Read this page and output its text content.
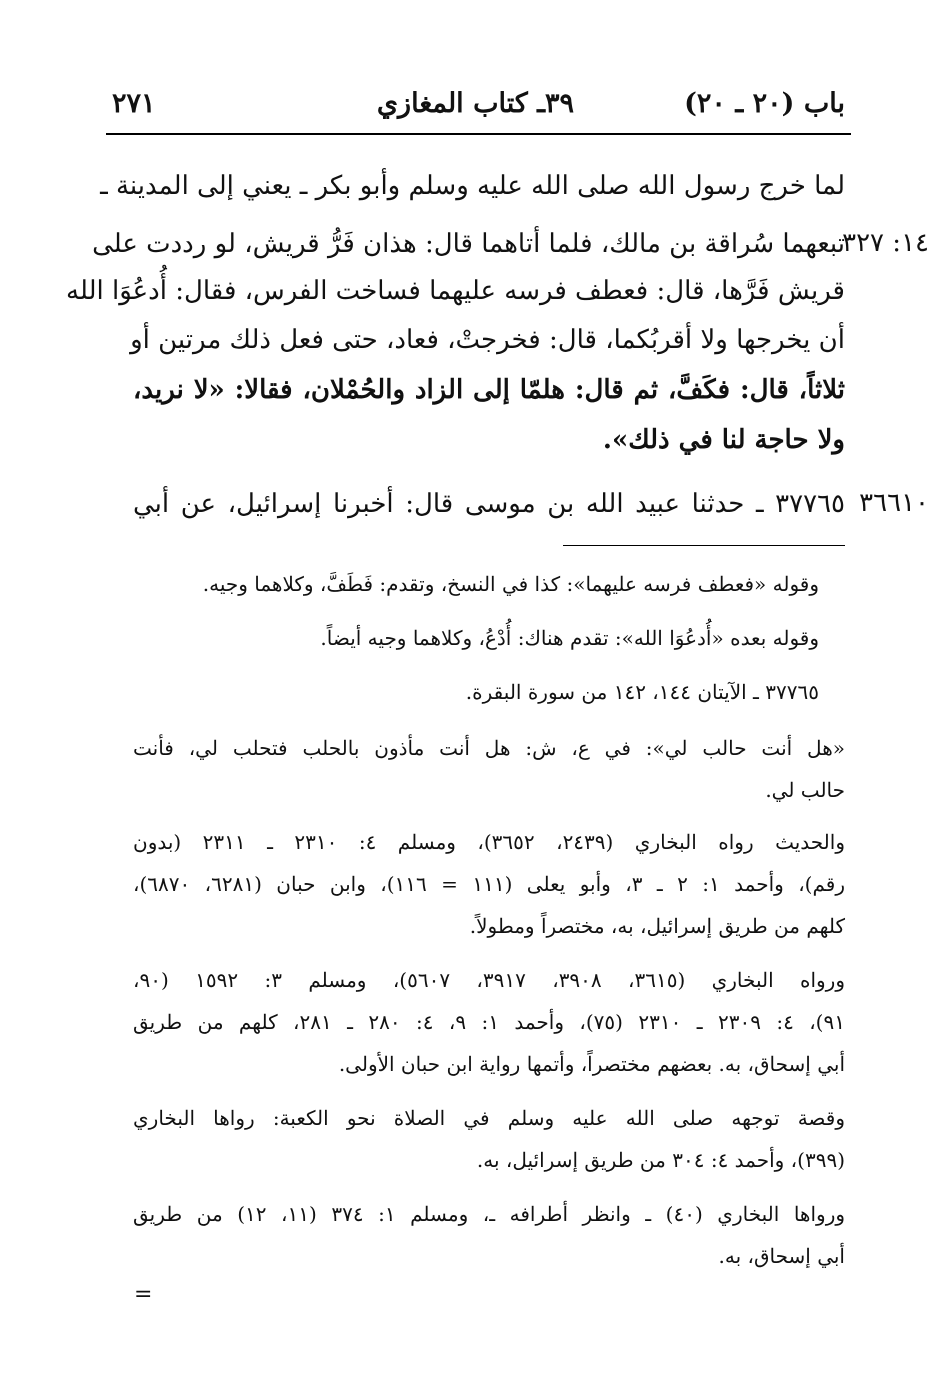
باب (٢٠ ـ ٢٠)
٣٩ـ كتاب المغازي
٢٧١
لما خرج رسول الله صلى الله عليه وسلم وأبو بكر ـ يعني إلى المدينة ـ
١٤: ٣٢٧
تبعهما سُراقة بن مالك، فلما أتاهما قال: هذان فَرُّ قريش، لو رددت على
قريش فَرَّها، قال: فعطف فرسه عليهما فساخت الفرس، فقال: أُدعُوَا الله
أن يخرجها ولا أقربُكما، قال: فخرجتْ، فعاد، حتى فعل ذلك مرتين أو
ثلاثاً، قال: فكَفَّ، ثم قال: هلمّا إلى الزاد والحُمْلان، فقالا: «لا نريد،
ولا حاجة لنا في ذلك».
٣٦٦١٠
٣٧٧٦٥ ـ حدثنا عبيد الله بن موسى قال: أخبرنا إسرائيل، عن أبي
وقوله «فعطف فرسه عليهما»: كذا في النسخ، وتقدم: فَطَفَّ، وكلاهما وجيه.
وقوله بعده «أُدعُوَا الله»: تقدم هناك: أُدْعُ، وكلاهما وجيه أيضاً.
٣٧٧٦٥ ـ الآيتان ١٤٤، ١٤٢ من سورة البقرة.
«هل أنت حالب لي»: في ع، ش: هل أنت مأذون بالحلب فتحلب لي، فأنت
حالب لي.
والحديث رواه البخاري (٢٤٣٩، ٣٦٥٢)، ومسلم ٤: ٢٣١٠ ـ ٢٣١١ (بدون
رقم)، وأحمد ١: ٢ ـ ٣، وأبو يعلى (١١١ = ١١٦)، وابن حبان (٦٢٨١، ٦٨٧٠)،
كلهم من طريق إسرائيل، به، مختصراً ومطولاً.
ورواه البخاري (٣٦١٥، ٣٩٠٨، ٣٩١٧، ٥٦٠٧)، ومسلم ٣: ١٥٩٢ (٩٠،
٩١)، ٤: ٢٣٠٩ ـ ٢٣١٠ (٧٥)، وأحمد ١: ٩، ٤: ٢٨٠ ـ ٢٨١، كلهم من طريق
أبي إسحاق، به. بعضهم مختصراً، وأتمها رواية ابن حبان الأولى.
وقصة توجهه صلى الله عليه وسلم في الصلاة نحو الكعبة: رواها البخاري
(٣٩٩)، وأحمد ٤: ٣٠٤ من طريق إسرائيل، به.
ورواها البخاري (٤٠) ـ وانظر أطرافه ـ، ومسلم ١: ٣٧٤ (١١، ١٢) من طريق
أبي إسحاق، به.
=
